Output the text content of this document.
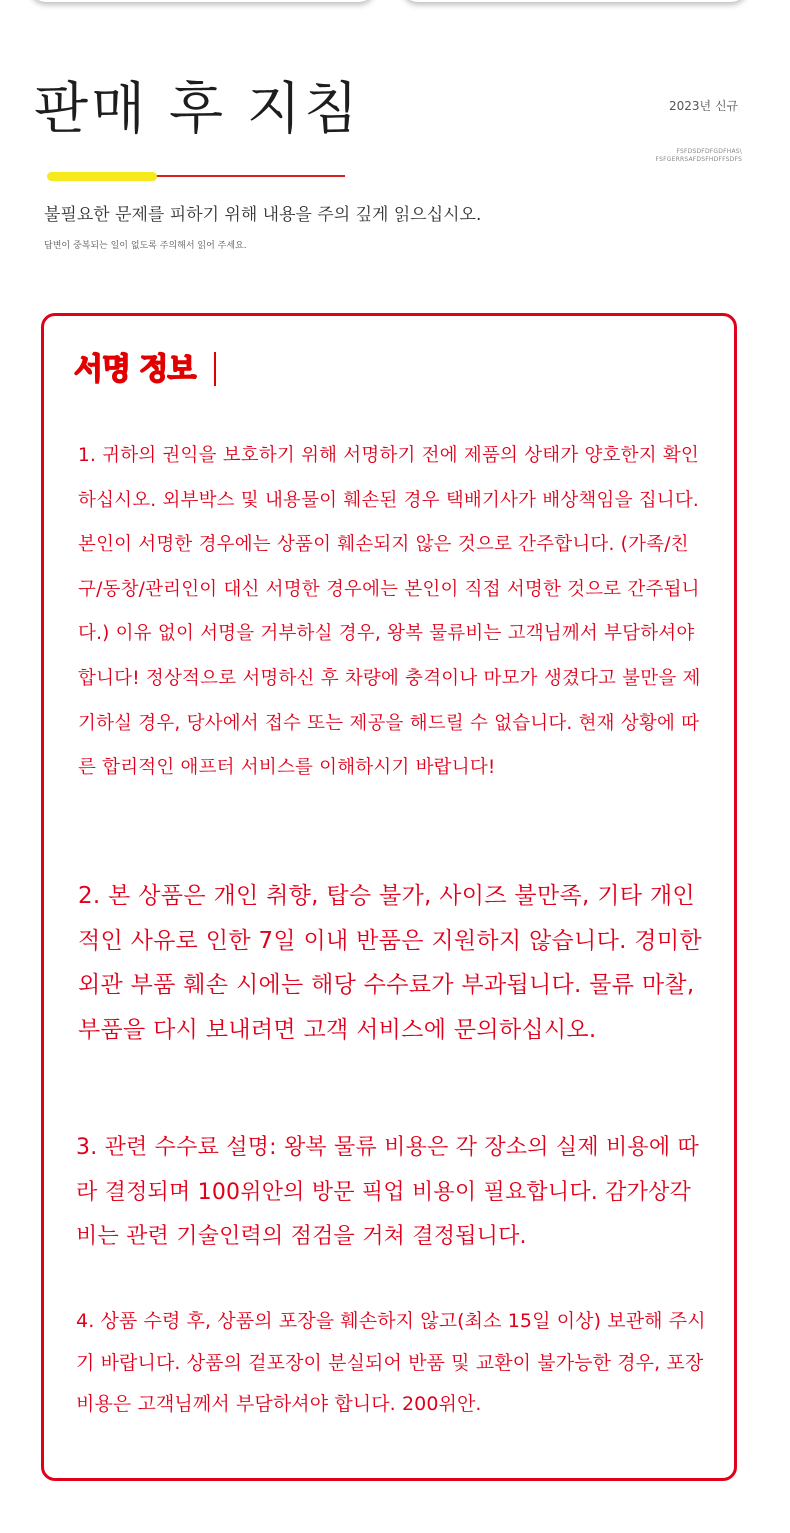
판매 후 지침	2023년 신규
FSFDSDFDFGDFHAS\
FSFGERRSAFDSFHDFFSDFS
불필요한 문제를 피하기 위해 내용을 주의 깊게 읽으십시오.
답변이 중복되는 일이 없도록 주의해서 읽어 주세요.
서명 정보

1. 귀하의 권익을 보호하기 위해 서명하기 전에 제품의 상태가 양호한지 확인하십시오. 외부박스 및 내용물이 훼손된 경우 택배기사가 배상책임을 집니다. 본인이 서명한 경우에는 상품이 훼손되지 않은 것으로 간주합니다. (가족/친구/동창/관리인이 대신 서명한 경우에는 본인이 직접 서명한 것으로 간주됩니다.) 이유 없이 서명을 거부하실 경우, 왕복 물류비는 고객님께서 부담하셔야 합니다! 정상적으로 서명하신 후 차량에 충격이나 마모가 생겼다고 불만을 제기하실 경우, 당사에서 접수 또는 제공을 해드릴 수 없습니다. 현재 상황에 따른 합리적인 애프터 서비스를 이해하시기 바랍니다!

2. 본 상품은 개인 취향, 탑승 불가, 사이즈 불만족, 기타 개인적인 사유로 인한 7일 이내 반품은 지원하지 않습니다. 경미한 외관 부품 훼손 시에는 해당 수수료가 부과됩니다. 물류 마찰, 부품을 다시 보내려면 고객 서비스에 문의하십시오.

3. 관련 수수료 설명: 왕복 물류 비용은 각 장소의 실제 비용에 따라 결정되며 100위안의 방문 픽업 비용이 필요합니다. 감가상각비는 관련 기술인력의 점검을 거쳐 결정됩니다.

4. 상품 수령 후, 상품의 포장을 훼손하지 않고(최소 15일 이상) 보관해 주시기 바랍니다. 상품의 겉포장이 분실되어 반품 및 교환이 불가능한 경우, 포장비용은 고객님께서 부담하셔야 합니다. 200위안.
